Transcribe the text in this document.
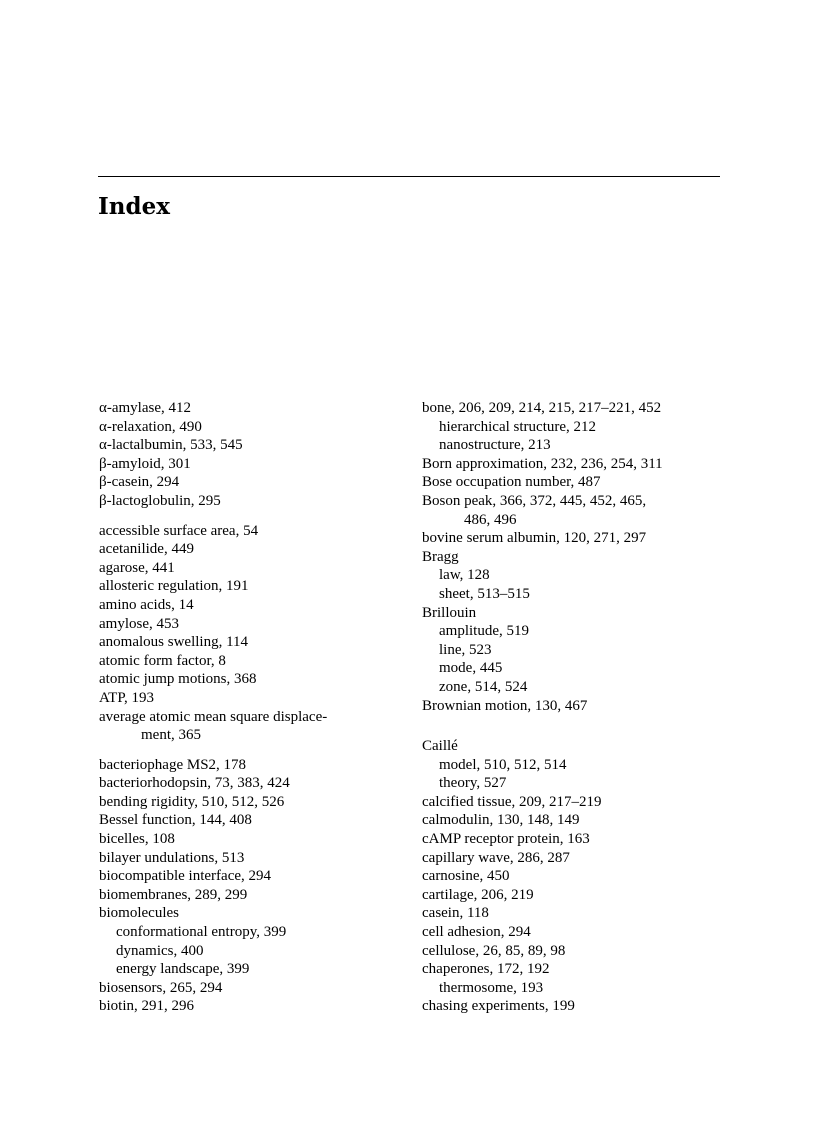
Index
α-amylase, 412
α-relaxation, 490
α-lactalbumin, 533, 545
β-amyloid, 301
β-casein, 294
β-lactoglobulin, 295
accessible surface area, 54
acetanilide, 449
agarose, 441
allosteric regulation, 191
amino acids, 14
amylose, 453
anomalous swelling, 114
atomic form factor, 8
atomic jump motions, 368
ATP, 193
average atomic mean square displace-
ment, 365
bacteriophage MS2, 178
bacteriorhodopsin, 73, 383, 424
bending rigidity, 510, 512, 526
Bessel function, 144, 408
bicelles, 108
bilayer undulations, 513
biocompatible interface, 294
biomembranes, 289, 299
biomolecules
conformational entropy, 399
dynamics, 400
energy landscape, 399
biosensors, 265, 294
biotin, 291, 296
bone, 206, 209, 214, 215, 217–221, 452
hierarchical structure, 212
nanostructure, 213
Born approximation, 232, 236, 254, 311
Bose occupation number, 487
Boson peak, 366, 372, 445, 452, 465,
486, 496
bovine serum albumin, 120, 271, 297
Bragg
law, 128
sheet, 513–515
Brillouin
amplitude, 519
line, 523
mode, 445
zone, 514, 524
Brownian motion, 130, 467
Caillé
model, 510, 512, 514
theory, 527
calcified tissue, 209, 217–219
calmodulin, 130, 148, 149
cAMP receptor protein, 163
capillary wave, 286, 287
carnosine, 450
cartilage, 206, 219
casein, 118
cell adhesion, 294
cellulose, 26, 85, 89, 98
chaperones, 172, 192
thermosome, 193
chasing experiments, 199
